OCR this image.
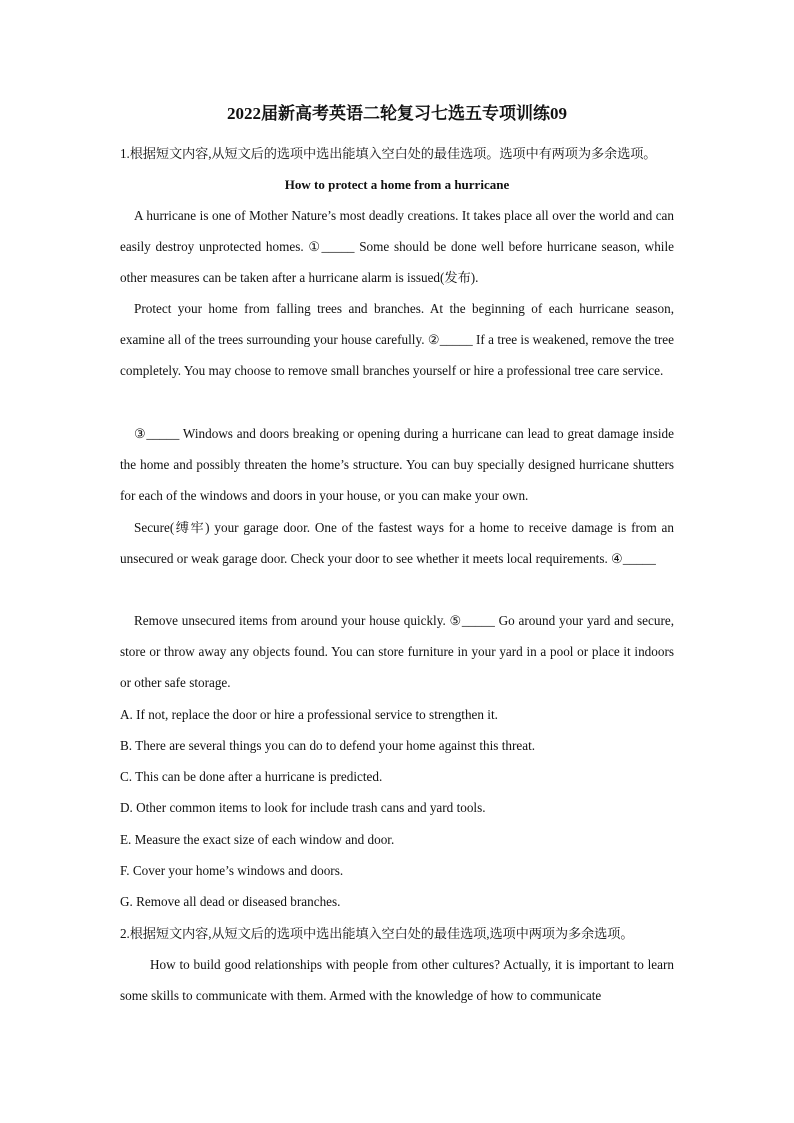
2022届新高考英语二轮复习七选五专项训练09
1.根据短文内容,从短文后的选项中选出能填入空白处的最佳选项。选项中有两项为多余选项。
How to protect a home from a hurricane

A hurricane is one of Mother Nature’s most deadly creations. It takes place all over the world and can easily destroy unprotected homes. ①_____ Some should be done well before hurricane season, while other measures can be taken after a hurricane alarm is issued(发布).

Protect your home from falling trees and branches. At the beginning of each hurricane season, examine all of the trees surrounding your house carefully. ②_____ If a tree is weakened, remove the tree completely. You may choose to remove small branches yourself or hire a professional tree care service.

③_____ Windows and doors breaking or opening during a hurricane can lead to great damage inside the home and possibly threaten the home’s structure. You can buy specially designed hurricane shutters for each of the windows and doors in your house, or you can make your own.

Secure(缚牢) your garage door. One of the fastest ways for a home to receive damage is from an unsecured or weak garage door. Check your door to see whether it meets local requirements. ④_____

Remove unsecured items from around your house quickly. ⑤_____ Go around your yard and secure, store or throw away any objects found. You can store furniture in your yard in a pool or place it indoors or other safe storage.

A. If not, replace the door or hire a professional service to strengthen it.
B. There are several things you can do to defend your home against this threat.
C. This can be done after a hurricane is predicted.
D. Other common items to look for include trash cans and yard tools.
E. Measure the exact size of each window and door.
F. Cover your home’s windows and doors.
G. Remove all dead or diseased branches.
2.根据短文内容,从短文后的选项中选出能填入空白处的最佳选项,选项中两项为多余选项。

How to build good relationships with people from other cultures? Actually, it is important to learn some skills to communicate with them. Armed with the knowledge of how to communicate
